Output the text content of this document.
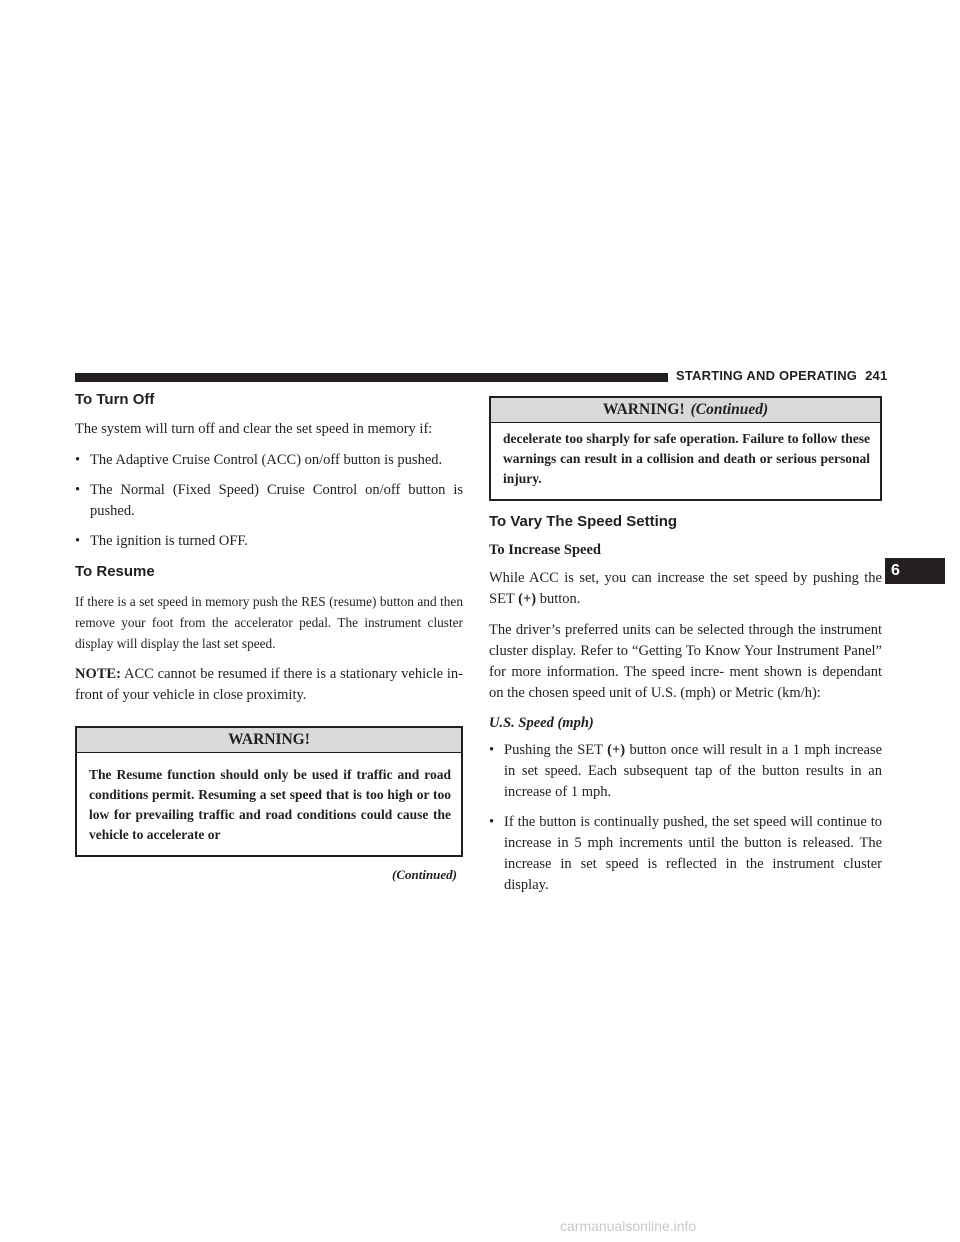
STARTING AND OPERATING 241
6
To Turn Off

The system will turn off and clear the set speed in memory if:

• The Adaptive Cruise Control (ACC) on/off button is pushed.
• The Normal (Fixed Speed) Cruise Control on/off button is pushed.
• The ignition is turned OFF.
To Resume

If there is a set speed in memory push the RES (resume) button and then remove your foot from the accelerator pedal. The instrument cluster display will display the last set speed.

NOTE: ACC cannot be resumed if there is a stationary vehicle in-front of your vehicle in close proximity.

WARNING!
The Resume function should only be used if traffic and road conditions permit. Resuming a set speed that is too high or too low for prevailing traffic and road conditions could cause the vehicle to accelerate or
(Continued)
WARNING! (Continued)
decelerate too sharply for safe operation. Failure to follow these warnings can result in a collision and death or serious personal injury.
To Vary The Speed Setting
To Increase Speed

While ACC is set, you can increase the set speed by pushing the SET (+) button.

The driver’s preferred units can be selected through the instrument cluster display. Refer to “Getting To Know Your Instrument Panel” for more information. The speed incre- ment shown is dependant on the chosen speed unit of U.S. (mph) or Metric (km/h):

U.S. Speed (mph)
• Pushing the SET (+) button once will result in a 1 mph increase in set speed. Each subsequent tap of the button results in an increase of 1 mph.
• If the button is continually pushed, the set speed will continue to increase in 5 mph increments until the button is released. The increase in set speed is reflected in the instrument cluster display.
carmanualsonline.info
